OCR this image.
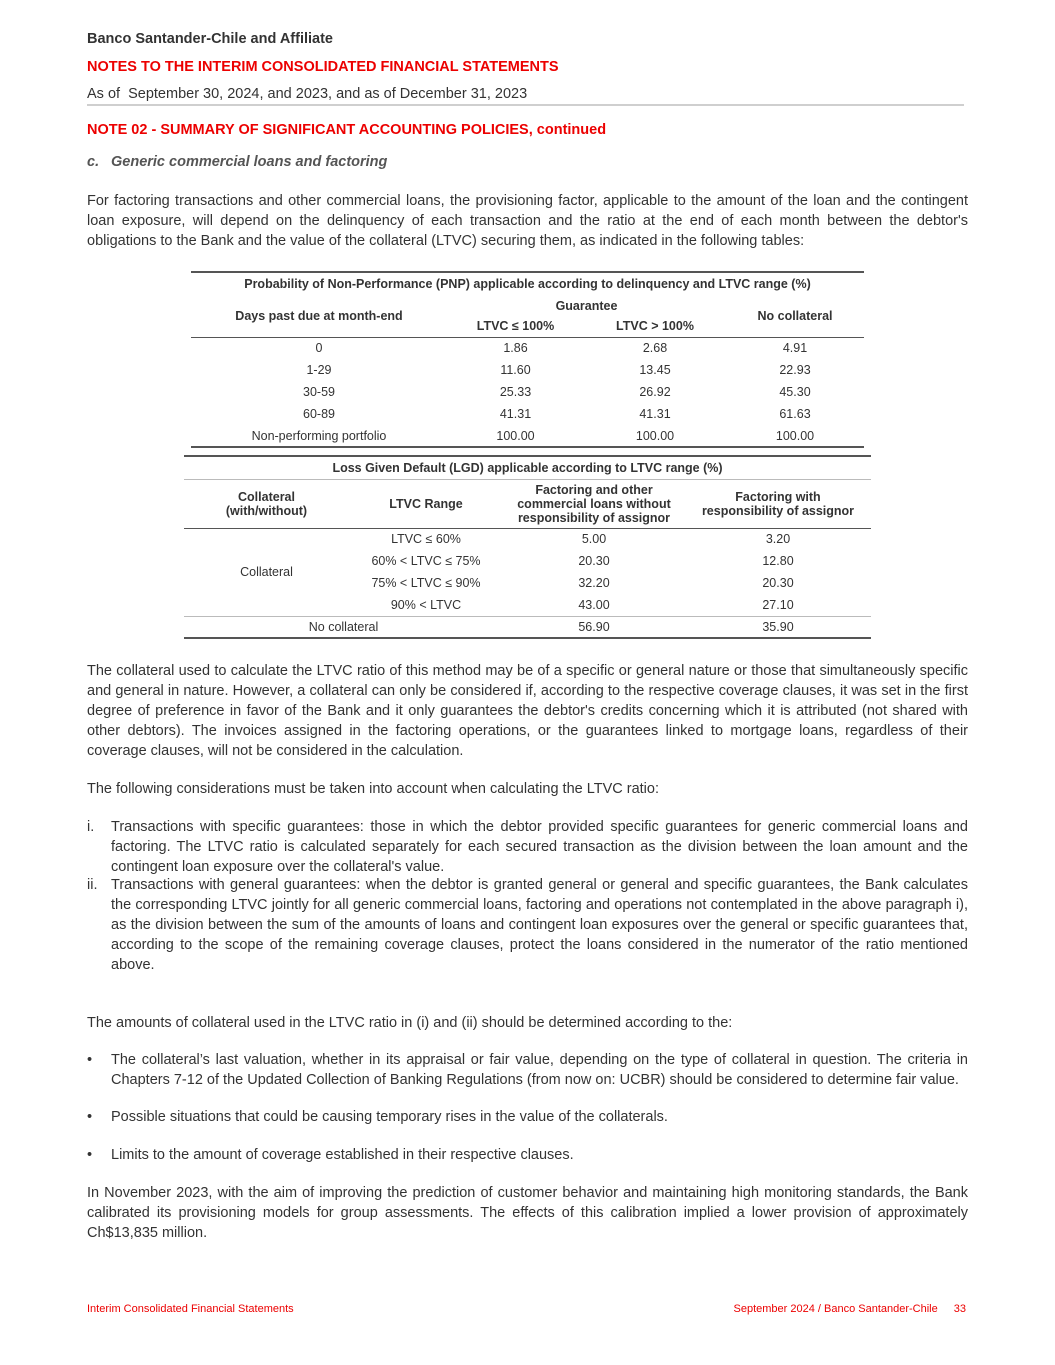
Banco Santander-Chile and Affiliate
NOTES TO THE INTERIM CONSOLIDATED FINANCIAL STATEMENTS
As of  September 30, 2024, and 2023, and as of December 31, 2023
NOTE 02 - SUMMARY OF SIGNIFICANT ACCOUNTING POLICIES, continued
c. Generic commercial loans and factoring

For factoring transactions and other commercial loans, the provisioning factor, applicable to the amount of the loan and the contingent loan exposure, will depend on the delinquency of each transaction and the ratio at the end of each month between the debtor's obligations to the Bank and the value of the collateral (LTVC) securing them, as indicated in the following tables:

Probability of Non-Performance (PNP) applicable according to delinquency and LTVC range (%)			
Days past due at month-end	Guarantee		No collateral
	LTVC ≤ 100%	LTVC > 100%	
0	1.86	2.68	4.91
1-29	11.60	13.45	22.93
30-59	25.33	26.92	45.30
60-89	41.31	41.31	61.63
Non-performing portfolio	100.00	100.00	100.00
Loss Given Default (LGD) applicable according to LTVC range (%)			

Collateral (with/without)	LTVC Range	Factoring and other commercial loans without responsibility of assignor	Factoring with responsibility of assignor

Collateral	LTVC ≤ 60%	5.00	3.20
	60% < LTVC ≤ 75%	20.30	12.80
	75% < LTVC ≤ 90%	32.20	20.30
	90% < LTVC	43.00	27.10
No collateral		56.90	35.90

The collateral used to calculate the LTVC ratio of this method may be of a specific or general nature or those that simultaneously specific and general in nature. However, a collateral can only be considered if, according to the respective coverage clauses, it was set in the first degree of preference in favor of the Bank and it only guarantees the debtor's credits concerning which it is attributed (not shared with other debtors). The invoices assigned in the factoring operations, or the guarantees linked to mortgage loans, regardless of their coverage clauses, will not be considered in the calculation.

The following considerations must be taken into account when calculating the LTVC ratio:

i. Transactions with specific guarantees: those in which the debtor provided specific guarantees for generic commercial loans and factoring. The LTVC ratio is calculated separately for each secured transaction as the division between the loan amount and the contingent loan exposure over the collateral's value.
ii. Transactions with general guarantees: when the debtor is granted general or general and specific guarantees, the Bank calculates the corresponding LTVC jointly for all generic commercial loans, factoring and operations not contemplated in the above paragraph i), as the division between the sum of the amounts of loans and contingent loan exposures over the general or specific guarantees that, according to the scope of the remaining coverage clauses, protect the loans considered in the numerator of the ratio mentioned above.

The amounts of collateral used in the LTVC ratio in (i) and (ii) should be determined according to the:

• The collateral’s last valuation, whether in its appraisal or fair value, depending on the type of collateral in question. The criteria in Chapters 7-12 of the Updated Collection of Banking Regulations (from now on: UCBR) should be considered to determine fair value.
• Possible situations that could be causing temporary rises in the value of the collaterals.
• Limits to the amount of coverage established in their respective clauses.

In November 2023, with the aim of improving the prediction of customer behavior and maintaining high monitoring standards, the Bank calibrated its provisioning models for group assessments. The effects of this calibration implied a lower provision of approximately Ch$13,835 million.

Interim Consolidated Financial Statements	September 2024 / Banco Santander-Chile 33
